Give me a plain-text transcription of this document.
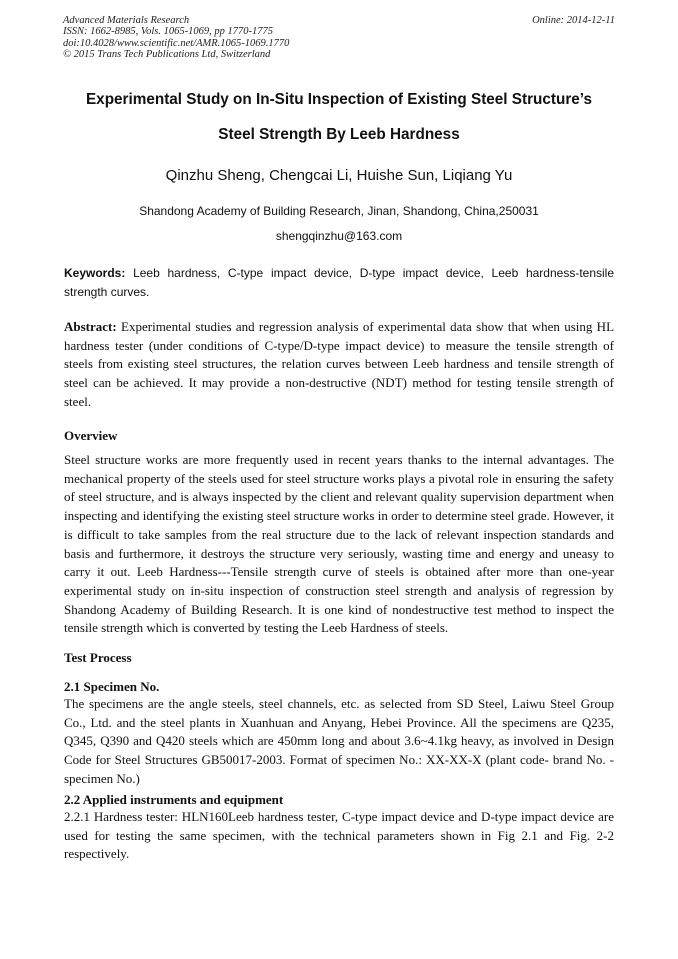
Advanced Materials Research
ISSN: 1662-8985, Vols. 1065-1069, pp 1770-1775
doi:10.4028/www.scientific.net/AMR.1065-1069.1770
© 2015 Trans Tech Publications Ltd, Switzerland
Online: 2014-12-11
Experimental Study on In-Situ Inspection of Existing Steel Structure’s
Steel Strength By Leeb Hardness
Qinzhu Sheng, Chengcai Li, Huishe Sun, Liqiang Yu
Shandong Academy of Building Research, Jinan, Shandong, China,250031
shengqinzhu@163.com
Keywords: Leeb hardness, C-type impact device, D-type impact device, Leeb hardness-tensile strength curves.
Abstract: Experimental studies and regression analysis of experimental data show that when using HL hardness tester (under conditions of C-type/D-type impact device) to measure the tensile strength of steels from existing steel structures, the relation curves between Leeb hardness and tensile strength of steel can be achieved. It may provide a non-destructive (NDT) method for testing tensile strength of steel.
Overview
Steel structure works are more frequently used in recent years thanks to the internal advantages. The mechanical property of the steels used for steel structure works plays a pivotal role in ensuring the safety of steel structure, and is always inspected by the client and relevant quality supervision department when inspecting and identifying the existing steel structure works in order to determine steel grade. However, it is difficult to take samples from the real structure due to the lack of relevant inspection standards and basis and furthermore, it destroys the structure very seriously, wasting time and energy and uneasy to carry it out. Leeb Hardness---Tensile strength curve of steels is obtained after more than one-year experimental study on in-situ inspection of construction steel strength and analysis of regression by Shandong Academy of Building Research. It is one kind of nondestructive test method to inspect the tensile strength which is converted by testing the Leeb Hardness of steels.
Test Process
2.1 Specimen No.
The specimens are the angle steels, steel channels, etc. as selected from SD Steel, Laiwu Steel Group Co., Ltd. and the steel plants in Xuanhuan and Anyang, Hebei Province. All the specimens are Q235, Q345, Q390 and Q420 steels which are 450mm long and about 3.6~4.1kg heavy, as involved in Design Code for Steel Structures GB50017-2003. Format of specimen No.: XX-XX-X (plant code- brand No. - specimen No.)
2.2 Applied instruments and equipment
2.2.1 Hardness tester: HLN160Leeb hardness tester, C-type impact device and D-type impact device are used for testing the same specimen, with the technical parameters shown in Fig 2.1 and Fig. 2-2 respectively.
